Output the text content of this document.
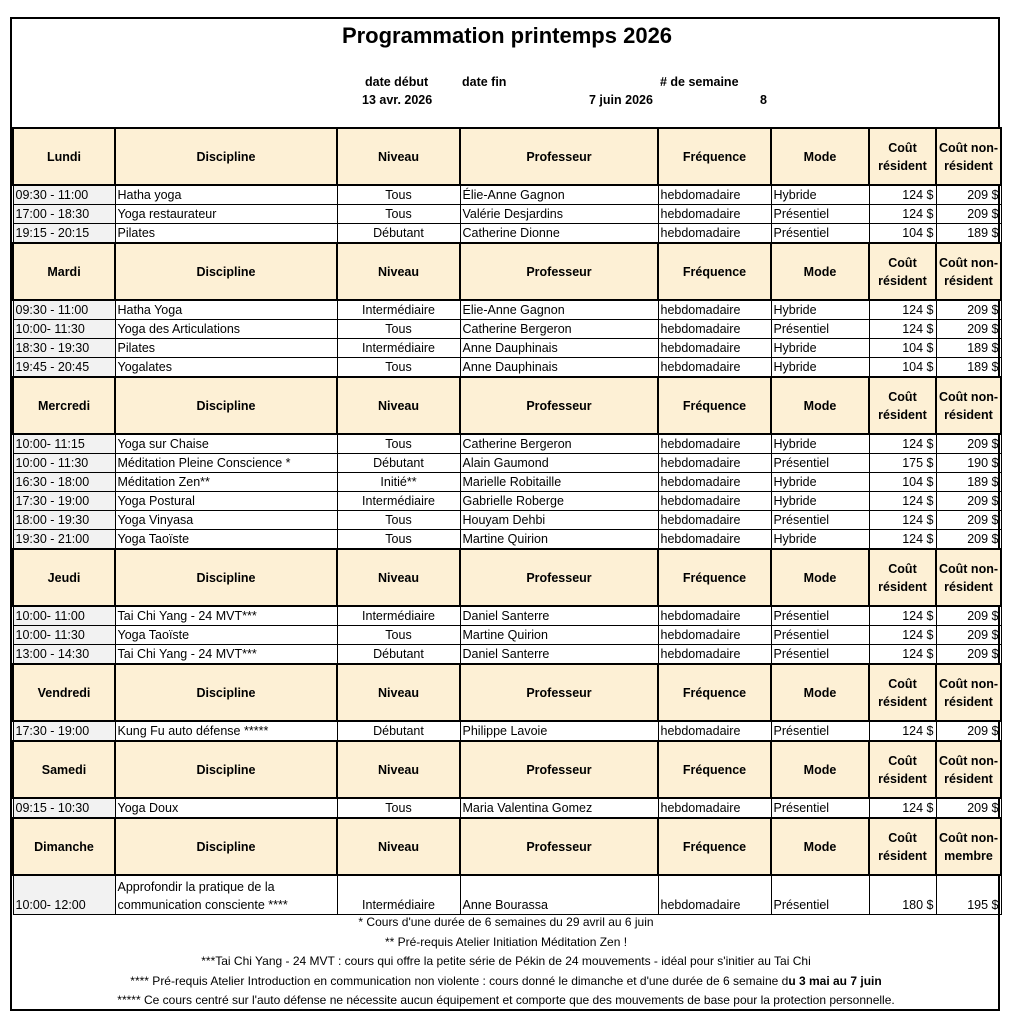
Programmation printemps 2026
date début	date fin	# de semaine
13 avr. 2026	7 juin 2026	8
Lundi	Discipline	Niveau	Professeur	Fréquence	Mode	Coût résident	Coût non-résident
09:30 - 11:00	Hatha yoga	Tous	Élie-Anne Gagnon	hebdomadaire	Hybride	124 $	209 $
17:00 - 18:30	Yoga restaurateur	Tous	Valérie Desjardins	hebdomadaire	Présentiel	124 $	209 $
19:15 - 20:15	Pilates	Débutant	Catherine Dionne	hebdomadaire	Présentiel	104 $	189 $
Mardi	Discipline	Niveau	Professeur	Fréquence	Mode	Coût résident	Coût non-résident
09:30 - 11:00	Hatha Yoga	Intermédiaire	Elie-Anne Gagnon	hebdomadaire	Hybride	124 $	209 $
10:00- 11:30	Yoga des Articulations	Tous	Catherine Bergeron	hebdomadaire	Présentiel	124 $	209 $
18:30 - 19:30	Pilates	Intermédiaire	Anne Dauphinais	hebdomadaire	Hybride	104 $	189 $
19:45 - 20:45	Yogalates	Tous	Anne Dauphinais	hebdomadaire	Hybride	104 $	189 $
Mercredi	Discipline	Niveau	Professeur	Fréquence	Mode	Coût résident	Coût non-résident
10:00- 11:15	Yoga sur Chaise	Tous	Catherine Bergeron	hebdomadaire	Hybride	124 $	209 $
10:00 - 11:30	Méditation Pleine Conscience *	Débutant	Alain Gaumond	hebdomadaire	Présentiel	175 $	190 $
16:30 - 18:00	Méditation Zen**	Initié**	Marielle Robitaille	hebdomadaire	Hybride	104 $	189 $
17:30 - 19:00	Yoga Postural	Intermédiaire	Gabrielle Roberge	hebdomadaire	Hybride	124 $	209 $
18:00 - 19:30	Yoga Vinyasa	Tous	Houyam Dehbi	hebdomadaire	Présentiel	124 $	209 $
19:30 - 21:00	Yoga Taoïste	Tous	Martine Quirion	hebdomadaire	Hybride	124 $	209 $
Jeudi	Discipline	Niveau	Professeur	Fréquence	Mode	Coût résident	Coût non-résident
10:00- 11:00	Tai Chi Yang - 24 MVT***	Intermédiaire	Daniel Santerre	hebdomadaire	Présentiel	124 $	209 $
10:00- 11:30	Yoga Taoïste	Tous	Martine Quirion	hebdomadaire	Présentiel	124 $	209 $
13:00 - 14:30	Tai Chi Yang - 24 MVT***	Débutant	Daniel Santerre	hebdomadaire	Présentiel	124 $	209 $
Vendredi	Discipline	Niveau	Professeur	Fréquence	Mode	Coût résident	Coût non-résident
17:30 - 19:00	Kung Fu auto défense *****	Débutant	Philippe Lavoie	hebdomadaire	Présentiel	124 $	209 $
Samedi	Discipline	Niveau	Professeur	Fréquence	Mode	Coût résident	Coût non-résident
09:15 - 10:30	Yoga Doux	Tous	Maria Valentina Gomez	hebdomadaire	Présentiel	124 $	209 $
Dimanche	Discipline	Niveau	Professeur	Fréquence	Mode	Coût résident	Coût non-membre
10:00- 12:00	Approfondir la pratique de la communication consciente ****	Intermédiaire	Anne Bourassa	hebdomadaire	Présentiel	180 $	195 $
* Cours d'une durée de 6 semaines du 29 avril au 6 juin
** Pré-requis Atelier Initiation Méditation Zen !
***Tai Chi Yang - 24 MVT : cours qui offre la petite série de Pékin de 24 mouvements - idéal pour s'initier au Tai Chi
**** Pré-requis Atelier Introduction en communication non violente : cours donné le dimanche et d'une durée de 6 semaine du 3 mai au 7 juin
***** Ce cours centré sur l'auto défense ne nécessite aucun équipement et comporte que des mouvements de base pour la protection personnelle.
